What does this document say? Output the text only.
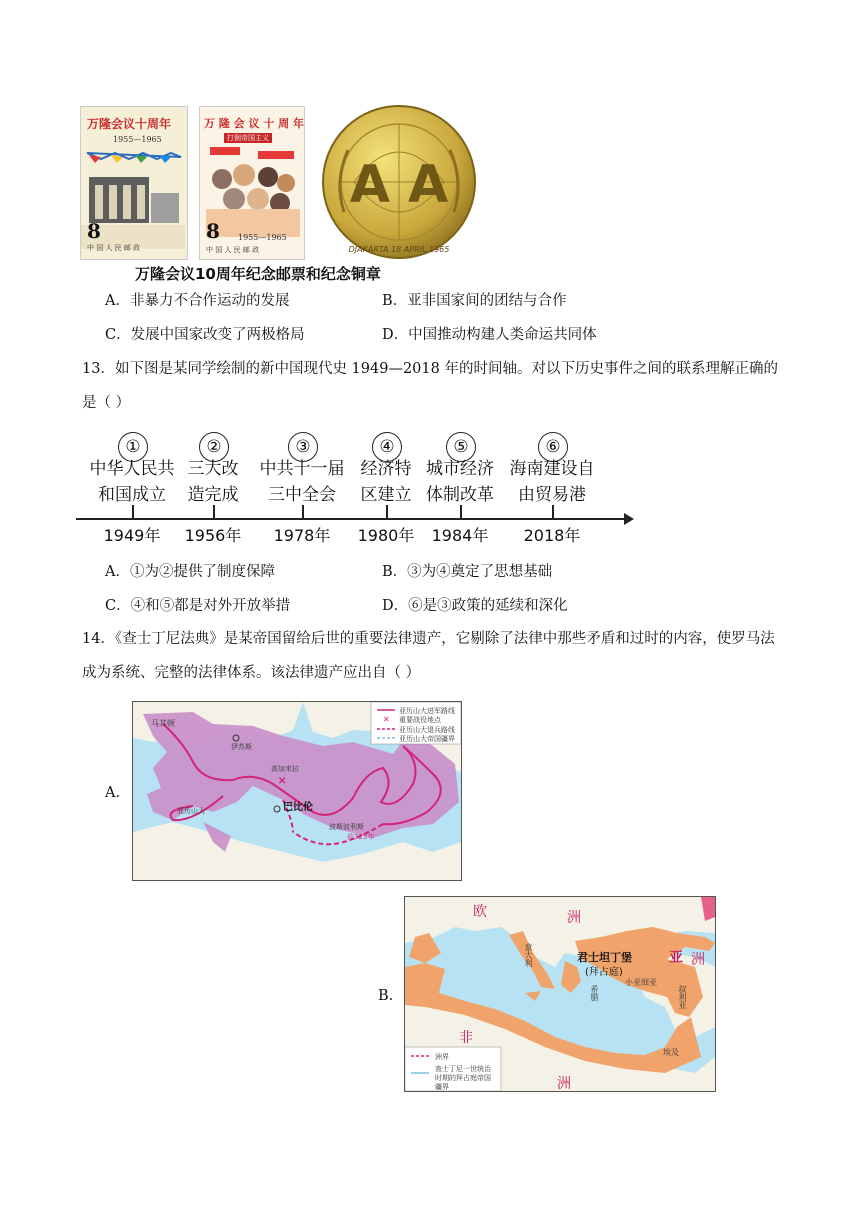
万隆会议十周年
1955—1965
8
中 国 人 民 邮 政
万 隆 会 议 十 周 年
打倒帝国主义
8 1955—1965
中 国 人 民 邮 政
A A
DJAKARTA 18 APRIL 1965
万隆会议10周年纪念邮票和纪念铜章
A．非暴力不合作运动的发展	B．亚非国家间的团结与合作
C．发展中国家改变了两极格局	D．中国推动构建人类命运共同体
13．如下图是某同学绘制的新中国现代史 1949—2018 年的时间轴。对以下历史事件之间的联系理解正确的是（ ）
①
中华人民共
和国成立
1949年
②
三大改
造完成
1956年
③
中共十一届
三中全会
1978年
④
经济特
区建立
1980年
⑤
城市经济
体制改革
1984年
⑥
海南建设自
由贸易港
2018年
A．①为②提供了制度保障	B．③为④奠定了思想基础
C．④和⑤都是对外开放举措	D．⑥是③政策的延续和深化
14．《查士丁尼法典》是某帝国留给后世的重要法律遗产，它剔除了法律中那些矛盾和过时的内容，使罗马法成为系统、完整的法律体系。该法律遗产应出自（ ）
A.
✕
✕
亚历山大进军路线
重要战役地点
亚历山大退兵路线
亚历山大帝国疆界
马其顿
伊苏斯
高加米拉
巴比伦
亚历山大
波斯波利斯
前325年
B.
欧	洲
亚 洲
非
洲
意大利	君士坦丁堡
(拜占庭)
小亚细亚
叙利亚
希腊
埃及
洲界
查士丁尼一世统治时期的拜占庭帝国疆界
